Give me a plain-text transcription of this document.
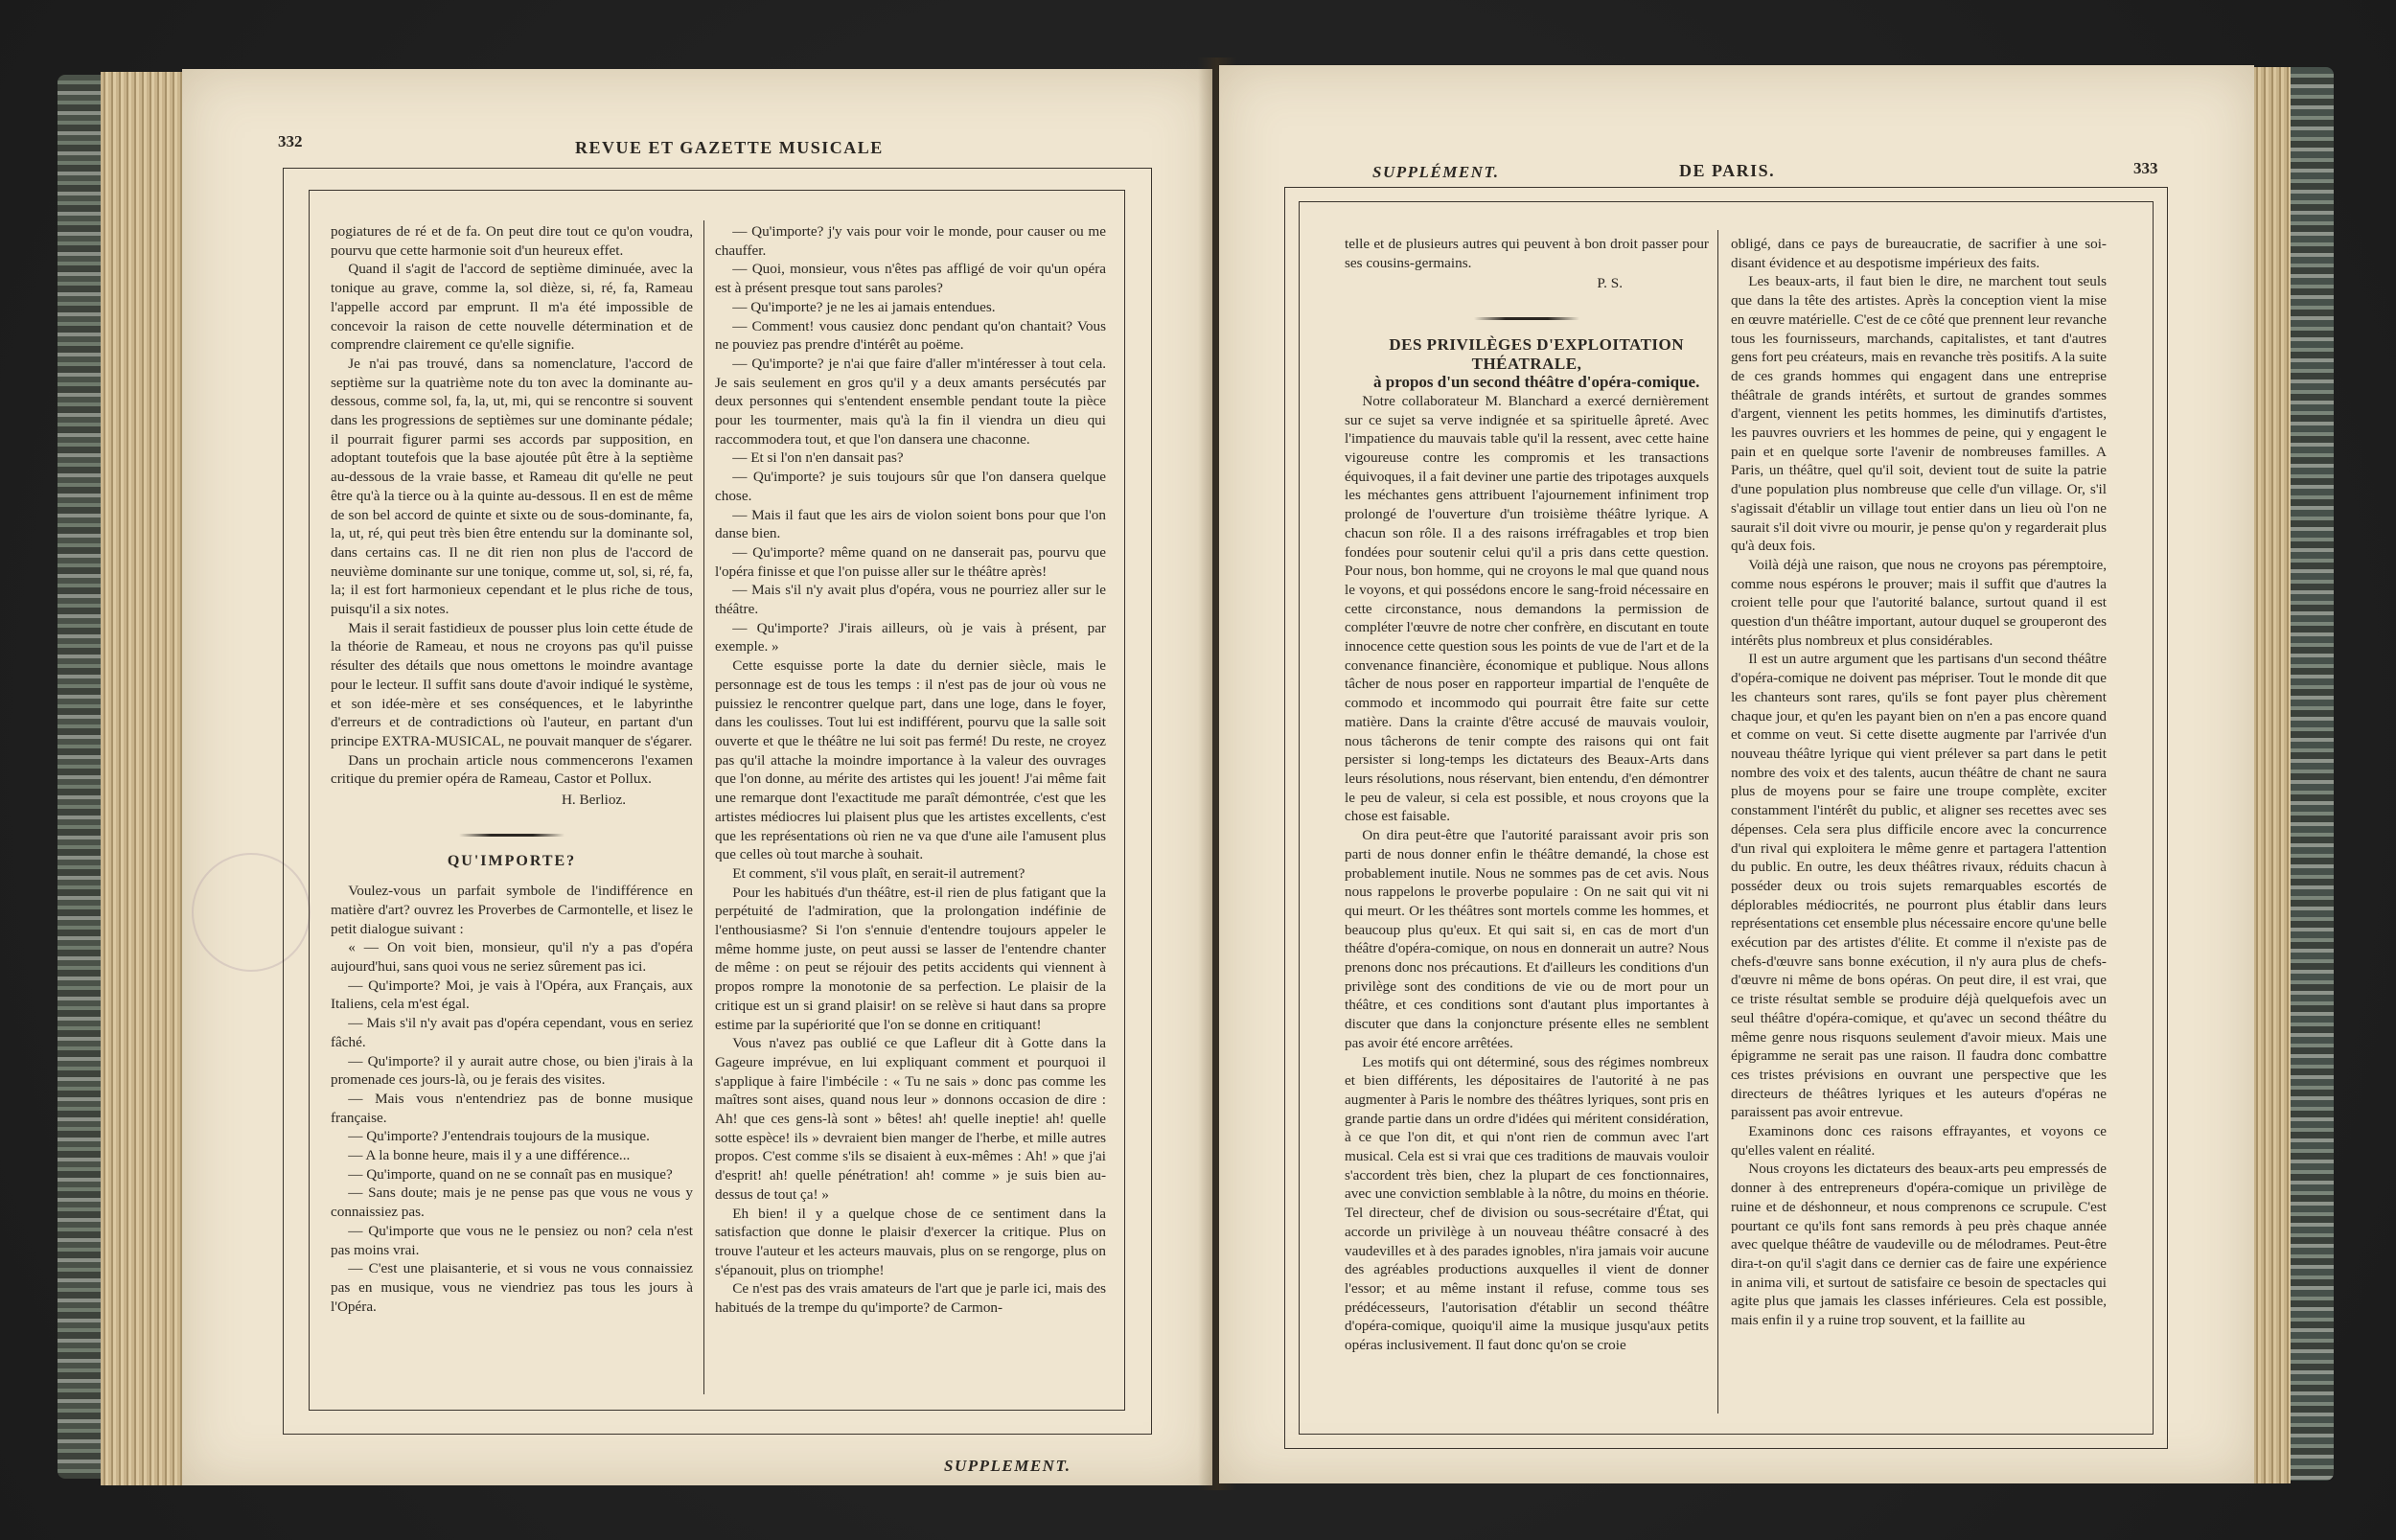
332	REVUE ET GAZETTE MUSICALE

pogiatures de ré et de fa. On peut dire tout ce qu'on voudra, pourvu que cette harmonie soit d'un heureux effet.

Quand il s'agit de l'accord de septième diminuée, avec la tonique au grave, comme la, sol dièze, si, ré, fa, Rameau l'appelle accord par emprunt. Il m'a été impossible de concevoir la raison de cette nouvelle détermination et de comprendre clairement ce qu'elle signifie.

Je n'ai pas trouvé, dans sa nomenclature, l'accord de septième sur la quatrième note du ton avec la dominante au-dessous, comme sol, fa, la, ut, mi, qui se rencontre si souvent dans les progressions de septièmes sur une dominante pédale; il pourrait figurer parmi ses accords par supposition, en adoptant toutefois que la base ajoutée pût être à la septième au-dessous de la vraie basse, et Rameau dit qu'elle ne peut être qu'à la tierce ou à la quinte au-dessous. Il en est de même de son bel accord de quinte et sixte ou de sous-dominante, fa, la, ut, ré, qui peut très bien être entendu sur la dominante sol, dans certains cas. Il ne dit rien non plus de l'accord de neuvième dominante sur une tonique, comme ut, sol, si, ré, fa, la; il est fort harmonieux cependant et le plus riche de tous, puisqu'il a six notes.

Mais il serait fastidieux de pousser plus loin cette étude de la théorie de Rameau, et nous ne croyons pas qu'il puisse résulter des détails que nous omettons le moindre avantage pour le lecteur. Il suffit sans doute d'avoir indiqué le système, et son idée-mère et ses conséquences, et le labyrinthe d'erreurs et de contradictions où l'auteur, en partant d'un principe EXTRA-MUSICAL, ne pouvait manquer de s'égarer.

Dans un prochain article nous commencerons l'examen critique du premier opéra de Rameau, Castor et Pollux.

H. Berlioz.

QU'IMPORTE?

Voulez-vous un parfait symbole de l'indifférence en matière d'art? ouvrez les Proverbes de Carmontelle, et lisez le petit dialogue suivant :

« — On voit bien, monsieur, qu'il n'y a pas d'opéra aujourd'hui, sans quoi vous ne seriez sûrement pas ici.

— Qu'importe? Moi, je vais à l'Opéra, aux Français, aux Italiens, cela m'est égal.

— Mais s'il n'y avait pas d'opéra cependant, vous en seriez fâché.

— Qu'importe? il y aurait autre chose, ou bien j'irais à la promenade ces jours-là, ou je ferais des visites.

— Mais vous n'entendriez pas de bonne musique française.

— Qu'importe? J'entendrais toujours de la musique.

— A la bonne heure, mais il y a une différence...

— Qu'importe, quand on ne se connaît pas en musique?

— Sans doute; mais je ne pense pas que vous ne vous y connaissiez pas.

— Qu'importe que vous ne le pensiez ou non? cela n'est pas moins vrai.

— C'est une plaisanterie, et si vous ne vous connaissiez pas en musique, vous ne viendriez pas tous les jours à l'Opéra.

— Qu'importe? j'y vais pour voir le monde, pour causer ou me chauffer.

— Quoi, monsieur, vous n'êtes pas affligé de voir qu'un opéra est à présent presque tout sans paroles?

— Qu'importe? je ne les ai jamais entendues.

— Comment! vous causiez donc pendant qu'on chantait? Vous ne pouviez pas prendre d'intérêt au poëme.

— Qu'importe? je n'ai que faire d'aller m'intéresser à tout cela. Je sais seulement en gros qu'il y a deux amants persécutés par deux personnes qui s'entendent ensemble pendant toute la pièce pour les tourmenter, mais qu'à la fin il viendra un dieu qui raccommodera tout, et que l'on dansera une chaconne.

— Et si l'on n'en dansait pas?

— Qu'importe? je suis toujours sûr que l'on dansera quelque chose.

— Mais il faut que les airs de violon soient bons pour que l'on danse bien.

— Qu'importe? même quand on ne danserait pas, pourvu que l'opéra finisse et que l'on puisse aller sur le théâtre après!

— Mais s'il n'y avait plus d'opéra, vous ne pourriez aller sur le théâtre.

— Qu'importe? J'irais ailleurs, où je vais à présent, par exemple. »

Cette esquisse porte la date du dernier siècle, mais le personnage est de tous les temps : il n'est pas de jour où vous ne puissiez le rencontrer quelque part, dans une loge, dans le foyer, dans les coulisses. Tout lui est indifférent, pourvu que la salle soit ouverte et que le théâtre ne lui soit pas fermé! Du reste, ne croyez pas qu'il attache la moindre importance à la valeur des ouvrages que l'on donne, au mérite des artistes qui les jouent! J'ai même fait une remarque dont l'exactitude me paraît démontrée, c'est que les artistes médiocres lui plaisent plus que les artistes excellents, c'est que les représentations où rien ne va que d'une aile l'amusent plus que celles où tout marche à souhait.

Et comment, s'il vous plaît, en serait-il autrement?

Pour les habitués d'un théâtre, est-il rien de plus fatigant que la perpétuité de l'admiration, que la prolongation indéfinie de l'enthousiasme? Si l'on s'ennuie d'entendre toujours appeler le même homme juste, on peut aussi se lasser de l'entendre chanter de même : on peut se réjouir des petits accidents qui viennent à propos rompre la monotonie de sa perfection. Le plaisir de la critique est un si grand plaisir! on se relève si haut dans sa propre estime par la supériorité que l'on se donne en critiquant!

Vous n'avez pas oublié ce que Lafleur dit à Gotte dans la Gageure imprévue, en lui expliquant comment et pourquoi il s'applique à faire l'imbécile : « Tu ne sais » donc pas comme les maîtres sont aises, quand nous leur » donnons occasion de dire : Ah! que ces gens-là sont » bêtes! ah! quelle ineptie! ah! quelle sotte espèce! ils » devraient bien manger de l'herbe, et mille autres propos. C'est comme s'ils se disaient à eux-mêmes : Ah! » que j'ai d'esprit! ah! quelle pénétration! ah! comme » je suis bien au-dessus de tout ça! »

Eh bien! il y a quelque chose de ce sentiment dans la satisfaction que donne le plaisir d'exercer la critique. Plus on trouve l'auteur et les acteurs mauvais, plus on se rengorge, plus on s'épanouit, plus on triomphe!

Ce n'est pas des vrais amateurs de l'art que je parle ici, mais des habitués de la trempe du qu'importe? de Carmon-

SUPPLEMENT.
SUPPLÉMENT.	DE PARIS.	333

telle et de plusieurs autres qui peuvent à bon droit passer pour ses cousins-germains.

P. S.

DES PRIVILÈGES D'EXPLOITATION THÉATRALE,

à propos d'un second théâtre d'opéra-comique.

Notre collaborateur M. Blanchard a exercé dernièrement sur ce sujet sa verve indignée et sa spirituelle âpreté. Avec l'impatience du mauvais table qu'il la ressent, avec cette haine vigoureuse contre les compromis et les transactions équivoques, il a fait deviner une partie des tripotages auxquels les méchantes gens attribuent l'ajournement infiniment trop prolongé de l'ouverture d'un troisième théâtre lyrique. A chacun son rôle. Il a des raisons irréfragables et trop bien fondées pour soutenir celui qu'il a pris dans cette question. Pour nous, bon homme, qui ne croyons le mal que quand nous le voyons, et qui possédons encore le sang-froid nécessaire en cette circonstance, nous demandons la permission de compléter l'œuvre de notre cher confrère, en discutant en toute innocence cette question sous les points de vue de l'art et de la convenance financière, économique et publique. Nous allons tâcher de nous poser en rapporteur impartial de l'enquête de commodo et incommodo qui pourrait être faite sur cette matière. Dans la crainte d'être accusé de mauvais vouloir, nous tâcherons de tenir compte des raisons qui ont fait persister si long-temps les dictateurs des Beaux-Arts dans leurs résolutions, nous réservant, bien entendu, d'en démontrer le peu de valeur, si cela est possible, et nous croyons que la chose est faisable.

On dira peut-être que l'autorité paraissant avoir pris son parti de nous donner enfin le théâtre demandé, la chose est probablement inutile. Nous ne sommes pas de cet avis. Nous nous rappelons le proverbe populaire : On ne sait qui vit ni qui meurt. Or les théâtres sont mortels comme les hommes, et beaucoup plus qu'eux. Et qui sait si, en cas de mort d'un théâtre d'opéra-comique, on nous en donnerait un autre? Nous prenons donc nos précautions. Et d'ailleurs les conditions d'un privilège sont des conditions de vie ou de mort pour un théâtre, et ces conditions sont d'autant plus importantes à discuter que dans la conjoncture présente elles ne semblent pas avoir été encore arrêtées.

Les motifs qui ont déterminé, sous des régimes nombreux et bien différents, les dépositaires de l'autorité à ne pas augmenter à Paris le nombre des théâtres lyriques, sont pris en grande partie dans un ordre d'idées qui méritent considération, à ce que l'on dit, et qui n'ont rien de commun avec l'art musical. Cela est si vrai que ces traditions de mauvais vouloir s'accordent très bien, chez la plupart de ces fonctionnaires, avec une conviction semblable à la nôtre, du moins en théorie. Tel directeur, chef de division ou sous-secrétaire d'État, qui accorde un privilège à un nouveau théâtre consacré à des vaudevilles et à des parades ignobles, n'ira jamais voir aucune des agréables productions auxquelles il vient de donner l'essor; et au même instant il refuse, comme tous ses prédécesseurs, l'autorisation d'établir un second théâtre d'opéra-comique, quoiqu'il aime la musique jusqu'aux petits opéras inclusivement. Il faut donc qu'on se croie

obligé, dans ce pays de bureaucratie, de sacrifier à une soi-disant évidence et au despotisme impérieux des faits.

Les beaux-arts, il faut bien le dire, ne marchent tout seuls que dans la tête des artistes. Après la conception vient la mise en œuvre matérielle. C'est de ce côté que prennent leur revanche tous les fournisseurs, marchands, capitalistes, et tant d'autres gens fort peu créateurs, mais en revanche très positifs. A la suite de ces grands hommes qui engagent dans une entreprise théâtrale de grands intérêts, et surtout de grandes sommes d'argent, viennent les petits hommes, les diminutifs d'artistes, les pauvres ouvriers et les hommes de peine, qui y engagent le pain et en quelque sorte l'avenir de nombreuses familles. A Paris, un théâtre, quel qu'il soit, devient tout de suite la patrie d'une population plus nombreuse que celle d'un village. Or, s'il s'agissait d'établir un village tout entier dans un lieu où l'on ne saurait s'il doit vivre ou mourir, je pense qu'on y regarderait plus qu'à deux fois.

Voilà déjà une raison, que nous ne croyons pas péremptoire, comme nous espérons le prouver; mais il suffit que d'autres la croient telle pour que l'autorité balance, surtout quand il est question d'un théâtre important, autour duquel se grouperont des intérêts plus nombreux et plus considérables.

Il est un autre argument que les partisans d'un second théâtre d'opéra-comique ne doivent pas mépriser. Tout le monde dit que les chanteurs sont rares, qu'ils se font payer plus chèrement chaque jour, et qu'en les payant bien on n'en a pas encore quand et comme on veut. Si cette disette augmente par l'arrivée d'un nouveau théâtre lyrique qui vient prélever sa part dans le petit nombre des voix et des talents, aucun théâtre de chant ne saura plus de moyens pour se faire une troupe complète, exciter constamment l'intérêt du public, et aligner ses recettes avec ses dépenses. Cela sera plus difficile encore avec la concurrence d'un rival qui exploitera le même genre et partagera l'attention du public. En outre, les deux théâtres rivaux, réduits chacun à posséder deux ou trois sujets remarquables escortés de déplorables médiocrités, ne pourront plus établir dans leurs représentations cet ensemble plus nécessaire encore qu'une belle exécution par des artistes d'élite. Et comme il n'existe pas de chefs-d'œuvre sans bonne exécution, il n'y aura plus de chefs-d'œuvre ni même de bons opéras. On peut dire, il est vrai, que ce triste résultat semble se produire déjà quelquefois avec un seul théâtre d'opéra-comique, et qu'avec un second théâtre du même genre nous risquons seulement d'avoir mieux. Mais une épigramme ne serait pas une raison. Il faudra donc combattre ces tristes prévisions en ouvrant une perspective que les directeurs de théâtres lyriques et les auteurs d'opéras ne paraissent pas avoir entrevue.

Examinons donc ces raisons effrayantes, et voyons ce qu'elles valent en réalité.

Nous croyons les dictateurs des beaux-arts peu empressés de donner à des entrepreneurs d'opéra-comique un privilège de ruine et de déshonneur, et nous comprenons ce scrupule. C'est pourtant ce qu'ils font sans remords à peu près chaque année avec quelque théâtre de vaudeville ou de mélodrames. Peut-être dira-t-on qu'il s'agit dans ce dernier cas de faire une expérience in anima vili, et surtout de satisfaire ce besoin de spectacles qui agite plus que jamais les classes inférieures. Cela est possible, mais enfin il y a ruine trop souvent, et la faillite au
